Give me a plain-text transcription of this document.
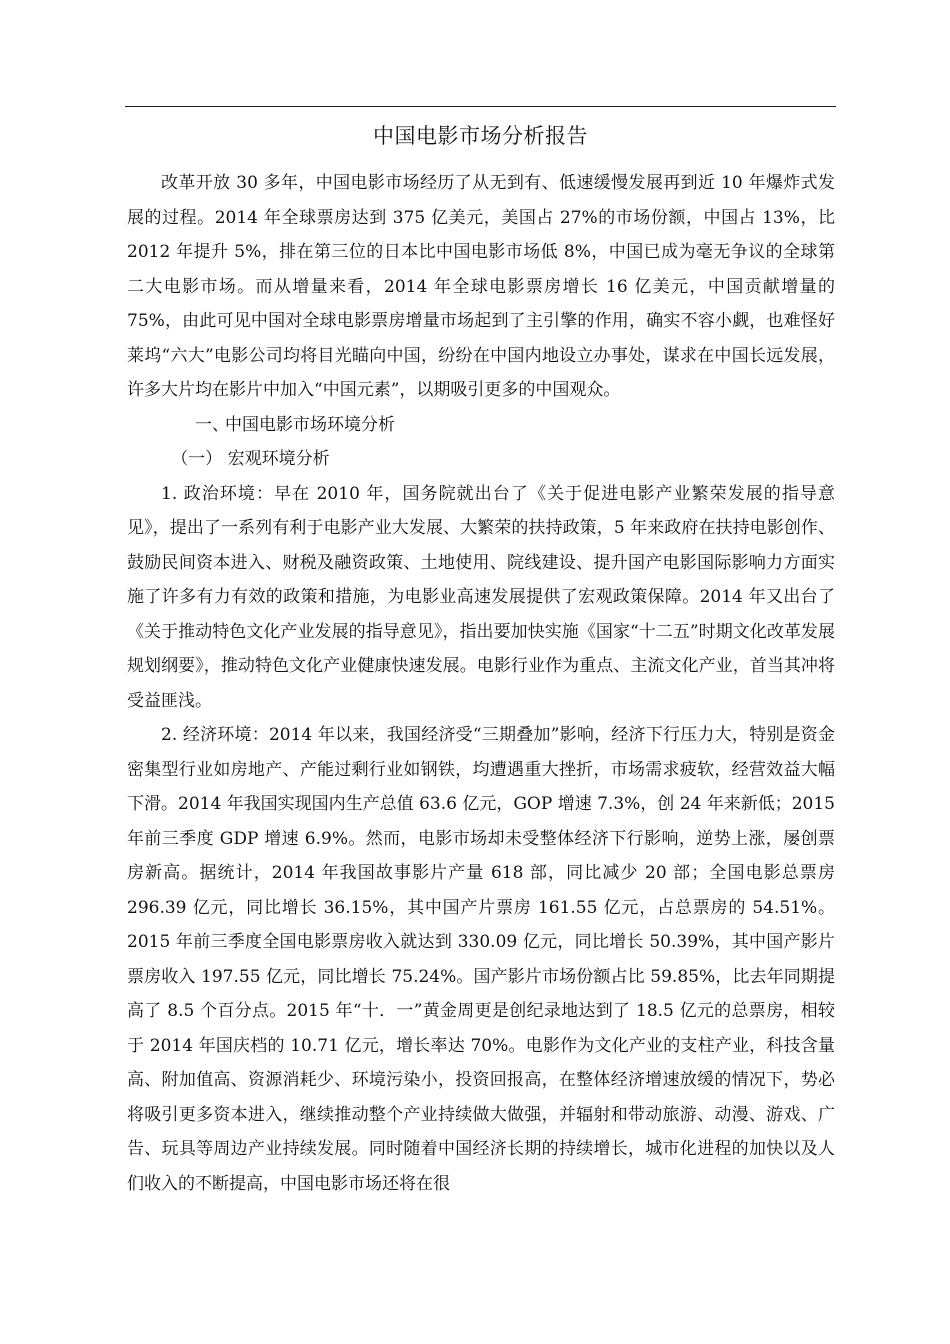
中国电影市场分析报告

改革开放 30 多年，中国电影市场经历了从无到有、低速缓慢发展再到近 10 年爆炸式发展的过程。2014 年全球票房达到 375 亿美元，美国占 27%的市场份额，中国占 13%，比 2012 年提升 5%，排在第三位的日本比中国电影市场低 8%，中国已成为毫无争议的全球第二大电影市场。而从增量来看，2014 年全球电影票房增长 16 亿美元，中国贡献增量的 75%，由此可见中国对全球电影票房增量市场起到了主引擎的作用，确实不容小觑，也难怪好莱坞“六大”电影公司均将目光瞄向中国，纷纷在中国内地设立办事处，谋求在中国长远发展，许多大片均在影片中加入“中国元素”，以期吸引更多的中国观众。

一、中国电影市场环境分析

（一） 宏观环境分析

1. 政治环境：早在 2010 年，国务院就出台了《关于促进电影产业繁荣发展的指导意见》，提出了一系列有利于电影产业大发展、大繁荣的扶持政策，5 年来政府在扶持电影创作、鼓励民间资本进入、财税及融资政策、土地使用、院线建设、提升国产电影国际影响力方面实施了许多有力有效的政策和措施，为电影业高速发展提供了宏观政策保障。2014 年又出台了《关于推动特色文化产业发展的指导意见》，指出要加快实施《国家“十二五”时期文化改革发展规划纲要》，推动特色文化产业健康快速发展。电影行业作为重点、主流文化产业，首当其冲将受益匪浅。

2. 经济环境：2014 年以来，我国经济受“三期叠加”影响，经济下行压力大，特别是资金密集型行业如房地产、产能过剩行业如钢铁，均遭遇重大挫折，市场需求疲软，经营效益大幅下滑。2014 年我国实现国内生产总值 63.6 亿元，GOP 增速 7.3%，创 24 年来新低；2015 年前三季度 GDP 增速 6.9%。然而，电影市场却未受整体经济下行影响，逆势上涨，屡创票房新高。据统计，2014 年我国故事影片产量 618 部，同比减少 20 部；全国电影总票房 296.39 亿元，同比增长 36.15%，其中国产片票房 161.55 亿元，占总票房的 54.51%。2015 年前三季度全国电影票房收入就达到 330.09 亿元，同比增长 50.39%，其中国产影片票房收入 197.55 亿元，同比增长 75.24%。国产影片市场份额占比 59.85%，比去年同期提高了 8.5 个百分点。2015 年“十．一”黄金周更是创纪录地达到了 18.5 亿元的总票房，相较于 2014 年国庆档的 10.71 亿元，增长率达 70%。电影作为文化产业的支柱产业，科技含量高、附加值高、资源消耗少、环境污染小，投资回报高，在整体经济增速放缓的情况下，势必将吸引更多资本进入，继续推动整个产业持续做大做强，并辐射和带动旅游、动漫、游戏、广告、玩具等周边产业持续发展。同时随着中国经济长期的持续增长，城市化进程的加快以及人们收入的不断提高，中国电影市场还将在很
